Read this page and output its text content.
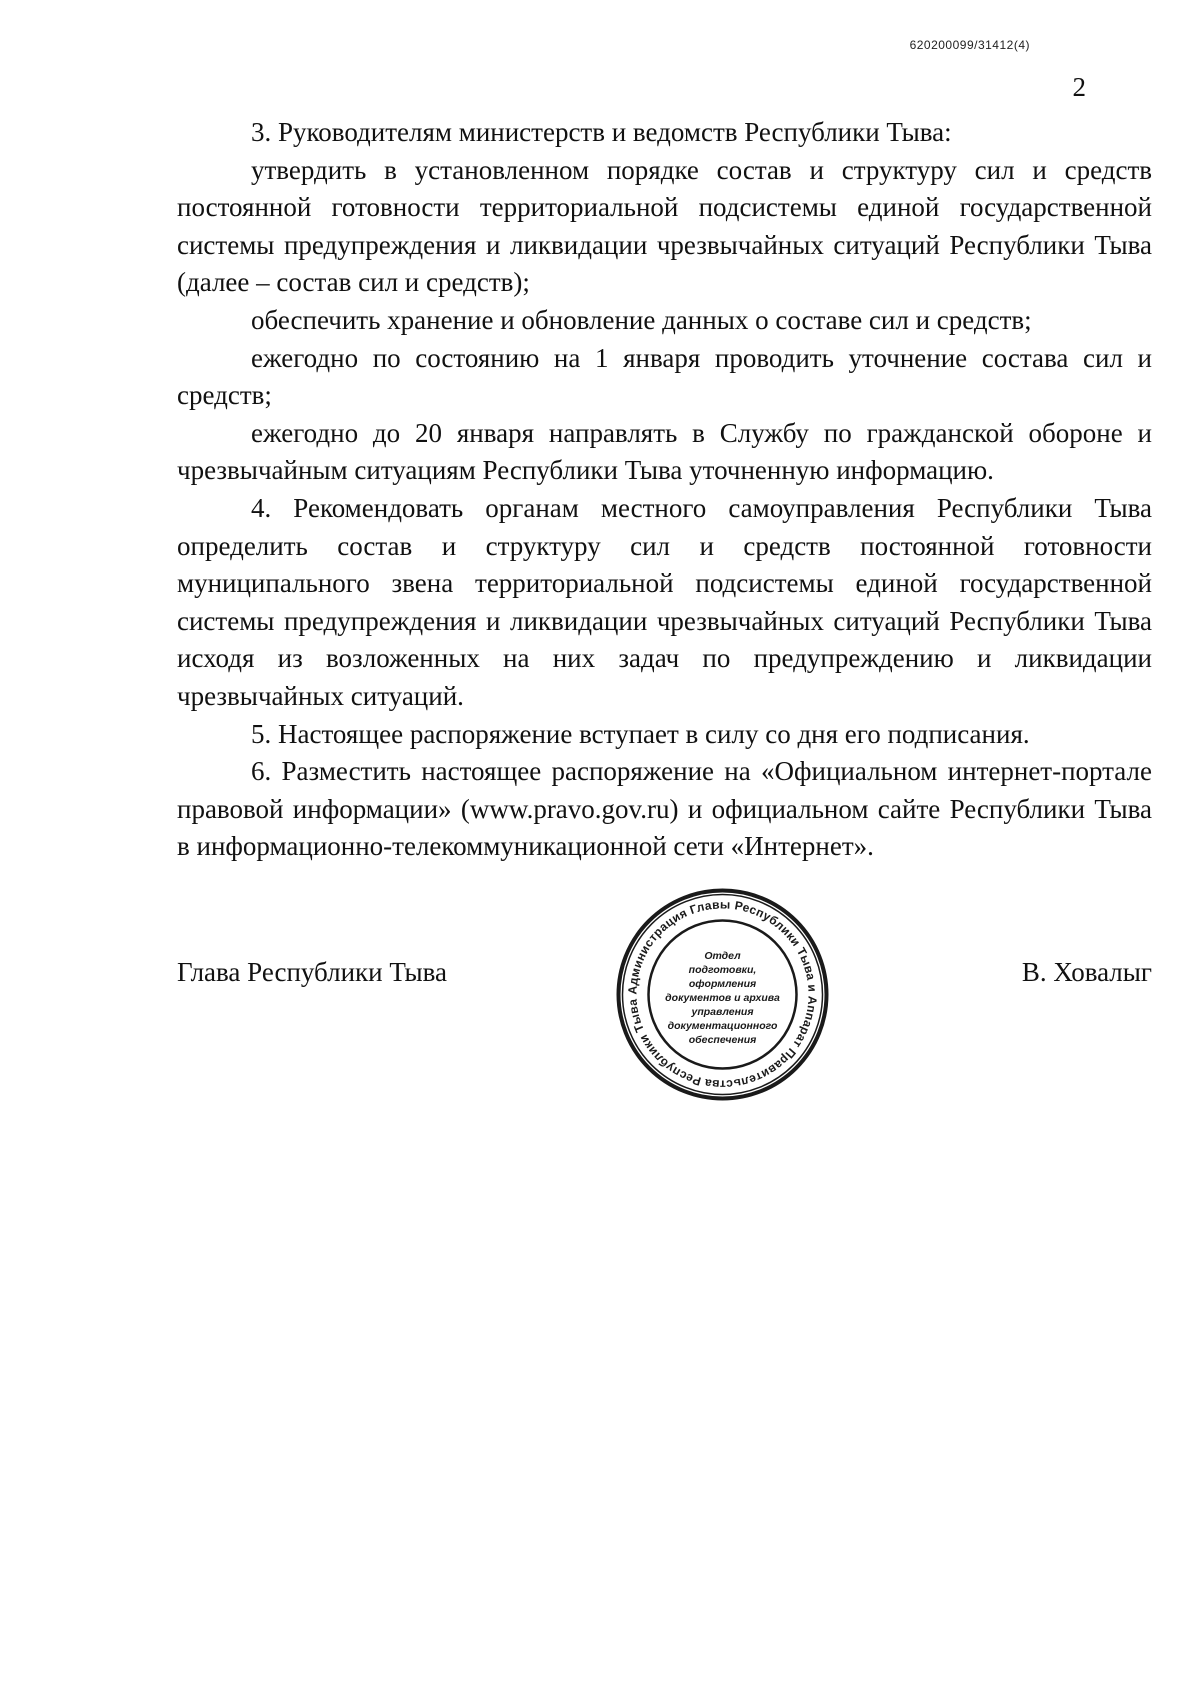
620200099/31412(4)
2

3. Руководителям министерств и ведомств Республики Тыва:

утвердить в установленном порядке состав и структуру сил и средств постоянной готовности территориальной подсистемы единой государственной системы предупреждения и ликвидации чрезвычайных ситуаций Республики Тыва (далее – состав сил и средств);

обеспечить хранение и обновление данных о составе сил и средств;

ежегодно по состоянию на 1 января проводить уточнение состава сил и средств;

ежегодно до 20 января направлять в Службу по гражданской обороне и чрезвычайным ситуациям Республики Тыва уточненную информацию.

4. Рекомендовать органам местного самоуправления Республики Тыва определить состав и структуру сил и средств постоянной готовности муниципального звена территориальной подсистемы единой государственной системы предупреждения и ликвидации чрезвычайных ситуаций Республики Тыва исходя из возложенных на них задач по предупреждению и ликвидации чрезвычайных ситуаций.

5. Настоящее распоряжение вступает в силу со дня его подписания.

6. Разместить настоящее распоряжение на «Официальном интернет-портале правовой информации» (www.pravo.gov.ru) и официальном сайте Республики Тыва в информационно-телекоммуникационной сети «Интернет».

Глава Республики Тыва	В. Ховалыг
Администрация Главы Республики Тыва и Аппарат Правительства Республики Тыва
Отдел
подготовки,
оформления
документов и архива
управления
документационного
обеспечения
